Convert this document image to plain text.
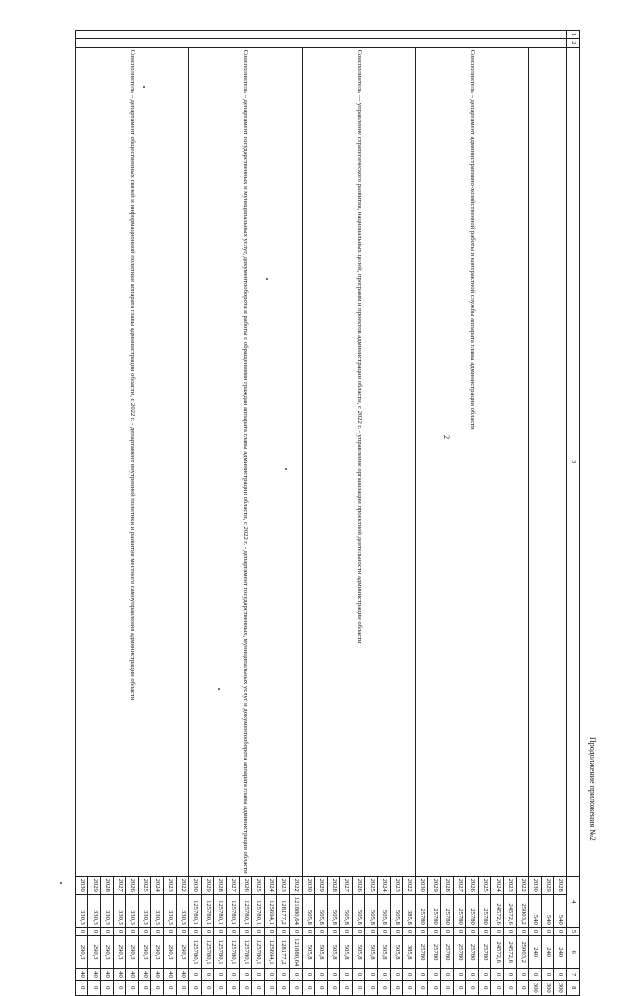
2
Продолжение приложения №2
1	2	3	4		5	6	7	8
			2028	540	0	240	0	300
			2029	540	0	240	0	300
			2030	540	0	240	0	300
		Соисполнитель – департамент административно-хозяйственной работы и контрактной службы аппарата главы администрации области	2022	25003,2	0	25003,2	0	0
			2023	24572,6	0	24572,6	0	0
			2024	24572,6	0	24572,6	0	0
			2025	25780	0	25780	0	0
			2026	25780	0	25780	0	0
			2027	25780	0	25780	0	0
			2028	25780	0	25780	0	0
			2029	25780	0	25780	0	0
			2030	25780	0	25780	0	0
		Соисполнитель — управление стратегического развития, национальных целей, программ и проектов администрации области, с 2022 г. - управление организации проектной деятельности администрации области	2022	385,8	0	385,8	0	0
			2023	505,8	0	505,8	0	0
			2024	505,8	0	505,8	0	0
			2025	505,8	0	505,8	0	0
			2026	505,8	0	505,8	0	0
			2027	505,8	0	505,8	0	0
			2028	505,8	0	505,8	0	0
			2029	505,8	0	505,8	0	0
			2030	505,8	0	505,8	0	0
		Соисполнитель – департамент государственных и муниципальных услуг, документооборота и работы с обращениями граждан аппарата главы администрации области, с 2022 г. - департамент государственных, муниципальных услуг и документооборота аппарата главы администрации области	2022	121880,64	0	121880,64	0	0
			2023	128177,2	0	128177,2	0	0
			2024	125694,1	0	125694,1	0	0
			2025	125780,1	0	125780,1	0	0
			2026	125780,1	0	125780,1	0	0
			2027	125780,1	0	125780,1	0	0
			2028	125780,1	0	125780,1	0	0
			2029	125780,1	0	125780,1	0	0
			2030	125780,1	0	125780,1	0	0
		Соисполнитель – департамент общественных связей и информационной политики аппарата главы администрации области, с 2022 г. - департамент внутренней политики и развития местного самоуправления администрации области	2022	330,3	0	290,3	40	0
			2023	330,3	0	290,3	40	0
			2024	330,3	0	290,3	40	0
			2025	330,3	0	290,3	40	0
			2026	330,3	0	290,3	40	0
			2027	330,3	0	290,3	40	0
			2028	330,3	0	290,3	40	0
			2029	330,3	0	290,3	40	0
			2030	330,3	0	290,3	40	0
